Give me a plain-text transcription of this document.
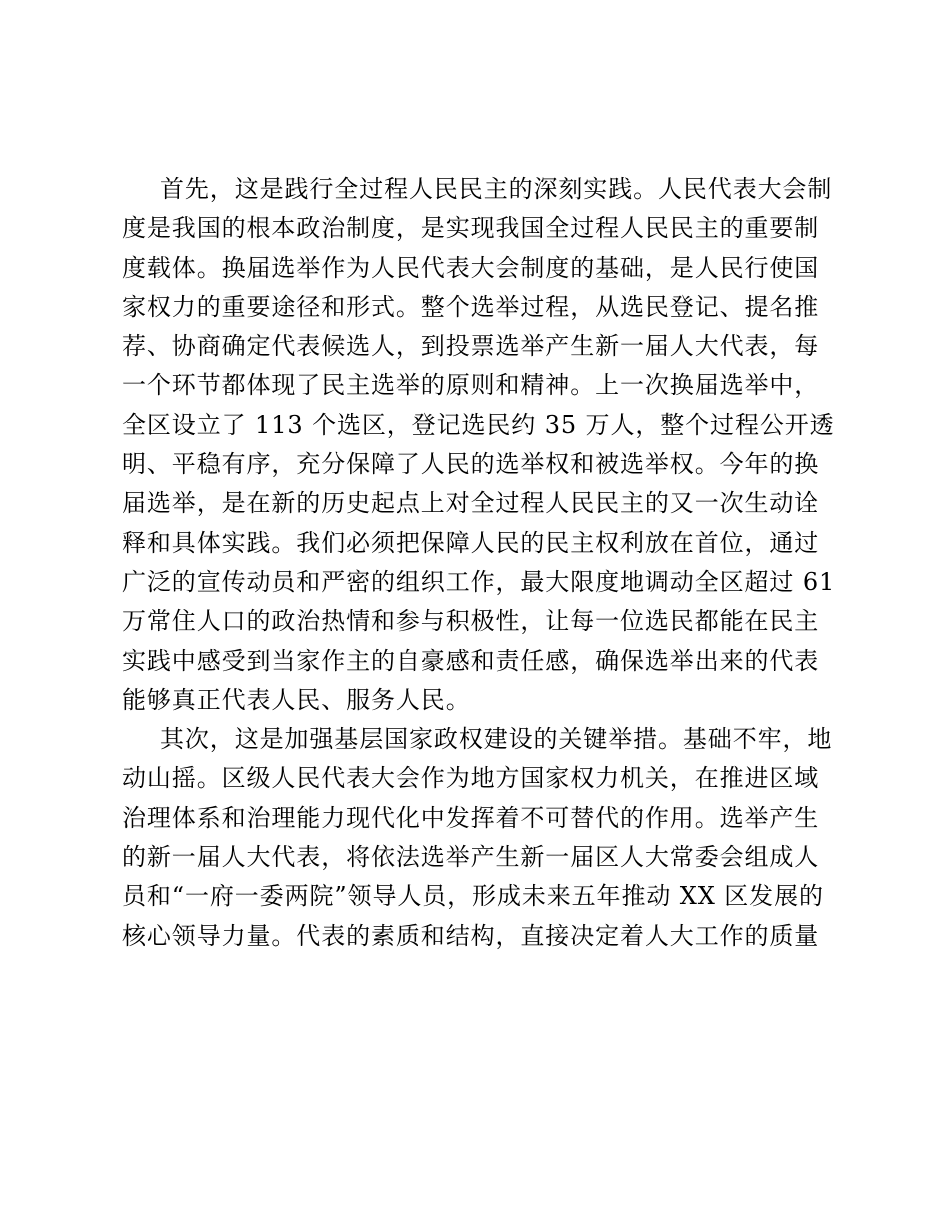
首先，这是践行全过程人民民主的深刻实践。人民代表大会制
度是我国的根本政治制度，是实现我国全过程人民民主的重要制
度载体。换届选举作为人民代表大会制度的基础，是人民行使国
家权力的重要途径和形式。整个选举过程，从选民登记、提名推
荐、协商确定代表候选人，到投票选举产生新一届人大代表，每
一个环节都体现了民主选举的原则和精神。上一次换届选举中，
全区设立了 113 个选区，登记选民约 35 万人，整个过程公开透
明、平稳有序，充分保障了人民的选举权和被选举权。今年的换
届选举，是在新的历史起点上对全过程人民民主的又一次生动诠
释和具体实践。我们必须把保障人民的民主权利放在首位，通过
广泛的宣传动员和严密的组织工作，最大限度地调动全区超过 61
万常住人口的政治热情和参与积极性，让每一位选民都能在民主
实践中感受到当家作主的自豪感和责任感，确保选举出来的代表
能够真正代表人民、服务人民。
其次，这是加强基层国家政权建设的关键举措。基础不牢，地
动山摇。区级人民代表大会作为地方国家权力机关，在推进区域
治理体系和治理能力现代化中发挥着不可替代的作用。选举产生
的新一届人大代表，将依法选举产生新一届区人大常委会组成人
员和“一府一委两院”领导人员，形成未来五年推动 XX 区发展的
核心领导力量。代表的素质和结构，直接决定着人大工作的质量
